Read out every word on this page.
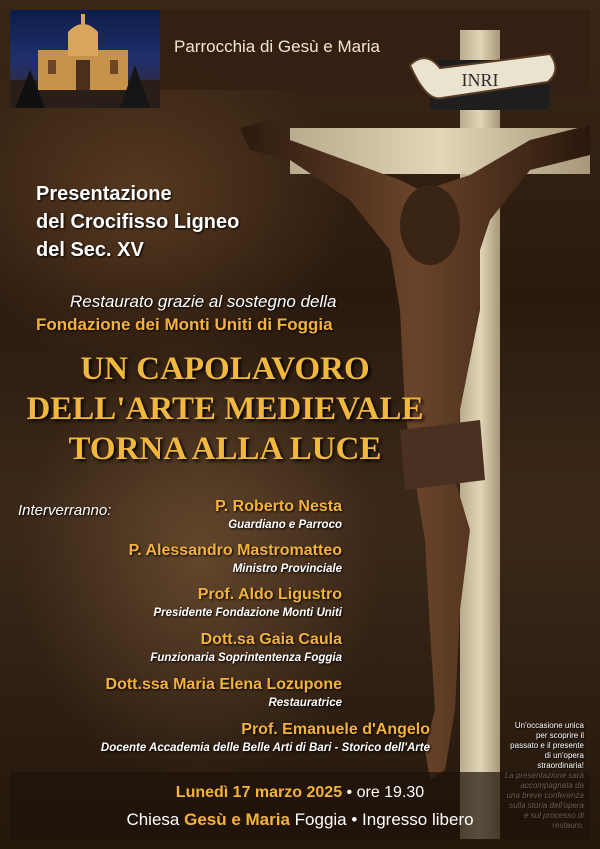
Parrocchia di Gesù e Maria
INRI
Presentazione
del Crocifisso Ligneo
del Sec. XV
Restaurato grazie al sostegno della
Fondazione dei Monti Uniti di Foggia
UN CAPOLAVORO
DELL'ARTE MEDIEVALE
TORNA ALLA LUCE
Interverranno:	P. Roberto Nesta
Guardiano e Parroco
P. Alessandro Mastromatteo
Ministro Provinciale
Prof. Aldo Ligustro
Presidente Fondazione Monti Uniti
Dott.sa Gaia Caula
Funzionaria Soprintentenza Foggia
Dott.ssa Maria Elena Lozupone
Restauratrice
Prof. Emanuele d'Angelo
Docente Accademia delle Belle Arti di Bari - Storico dell'Arte
Un'occasione unica
per scoprire il
passato e il presente
di un'opera
straordinaria!
Lunedì 17 marzo 2025 • ore 19.30
Chiesa Gesù e Maria Foggia • Ingresso libero
